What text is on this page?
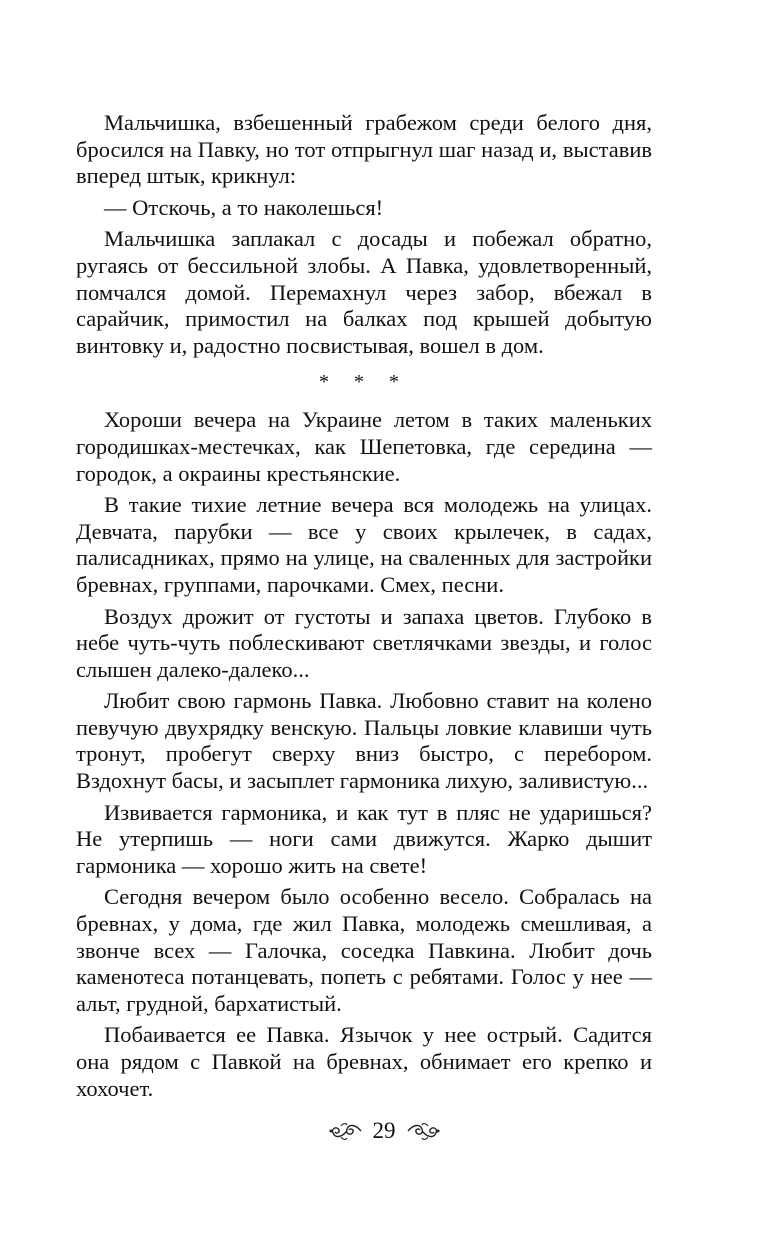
Мальчишка, взбешенный грабежом среди белого дня, бросился на Павку, но тот отпрыгнул шаг назад и, выставив вперед штык, крикнул:

— Отскочь, а то наколешься!

Мальчишка заплакал с досады и побежал обратно, ругаясь от бессильной злобы. А Павка, удовлетворенный, помчался домой. Перемахнул через забор, вбежал в сарайчик, примостил на балках под крышей добытую винтовку и, радостно посвистывая, вошел в дом.

* * *

Хороши вечера на Украине летом в таких маленьких городишках-местечках, как Шепетовка, где середина — городок, а окраины крестьянские.

В такие тихие летние вечера вся молодежь на улицах. Девчата, парубки — все у своих крылечек, в садах, палисадниках, прямо на улице, на сваленных для застройки бревнах, группами, парочками. Смех, песни.

Воздух дрожит от густоты и запаха цветов. Глубоко в небе чуть-чуть поблескивают светлячками звезды, и голос слышен далеко-далеко...

Любит свою гармонь Павка. Любовно ставит на колено певучую двухрядку венскую. Пальцы ловкие клавиши чуть тронут, пробегут сверху вниз быстро, с перебором. Вздохнут басы, и засыплет гармоника лихую, заливистую...

Извивается гармоника, и как тут в пляс не ударишься? Не утерпишь — ноги сами движутся. Жарко дышит гармоника — хорошо жить на свете!

Сегодня вечером было особенно весело. Собралась на бревнах, у дома, где жил Павка, молодежь смешливая, а звонче всех — Галочка, соседка Павкина. Любит дочь каменотеса потанцевать, попеть с ребятами. Голос у нее — альт, грудной, бархатистый.

Побаивается ее Павка. Язычок у нее острый. Садится она рядом с Павкой на бревнах, обнимает его крепко и хохочет.

29
